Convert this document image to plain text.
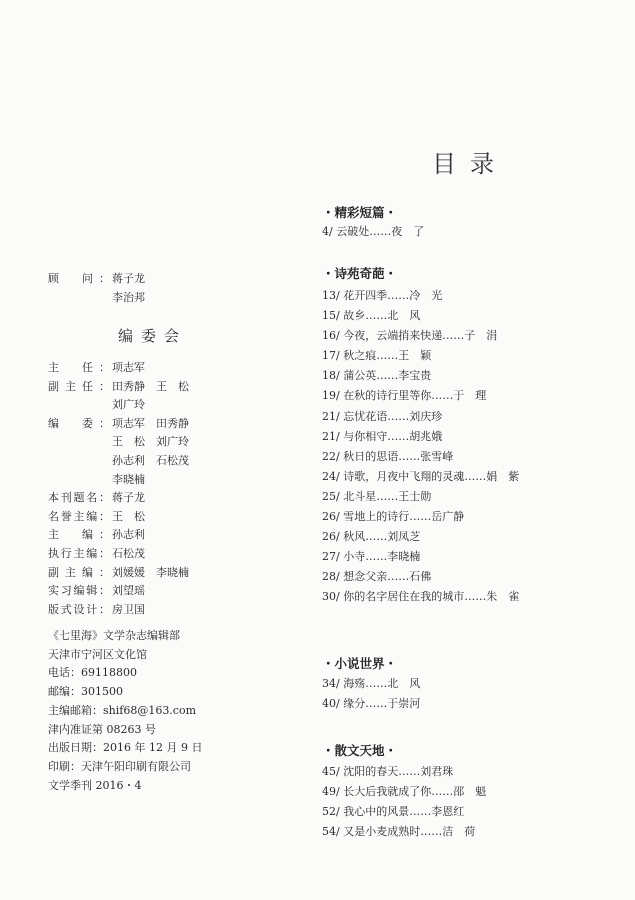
目录
顾　问： 蒋子龙
李治邦
编委会
主　任： 项志军
副主任： 田秀静　王　松
刘广玲
编　委： 项志军　田秀静
王　松　刘广玲
孙志利　石松茂
李晓楠
本刊题名： 蒋子龙
名誉主编： 王　松
主　编： 孙志利
执行主编： 石松茂
副主编： 刘媛媛　李晓楠
实习编辑： 刘望瑶
版式设计： 房卫国
《七里海》文学杂志编辑部
天津市宁河区文化馆
电话：69118800
邮编：301500
主编邮箱：shif68@163.com
津内准证第 08263 号
出版日期：2016 年 12 月 9 日
印刷：天津午阳印刷有限公司
文学季刊 2016・4
・精彩短篇・
4/ 云破处……夜　了
・诗苑奇葩・
13/ 花开四季……冷　光
15/ 故乡……北　风
16/ 今夜，云端捎来快递……子　涓
17/ 秋之痕……王　颖
18/ 蒲公英……李宝贵
19/ 在秋的诗行里等你……于　理
21/ 忘忧花语……刘庆珍
21/ 与你相守……胡兆娥
22/ 秋日的思语……张雪峰
24/ 诗歌，月夜中飞翔的灵魂……娟　紫
25/ 北斗星……王士勋
26/ 雪地上的诗行……岳广静
26/ 秋风……刘凤芝
27/ 小寺……李晓楠
28/ 想念父亲……石佛
30/ 你的名字居住在我的城市……朱　雀
・小说世界・
34/ 海殇……北　风
40/ 缘分……于崇河
・散文天地・
45/ 沈阳的春天……刘君珠
49/ 长大后我就成了你……邵　魁
52/ 我心中的风景……李恩红
54/ 又是小麦成熟时……洁　荷
